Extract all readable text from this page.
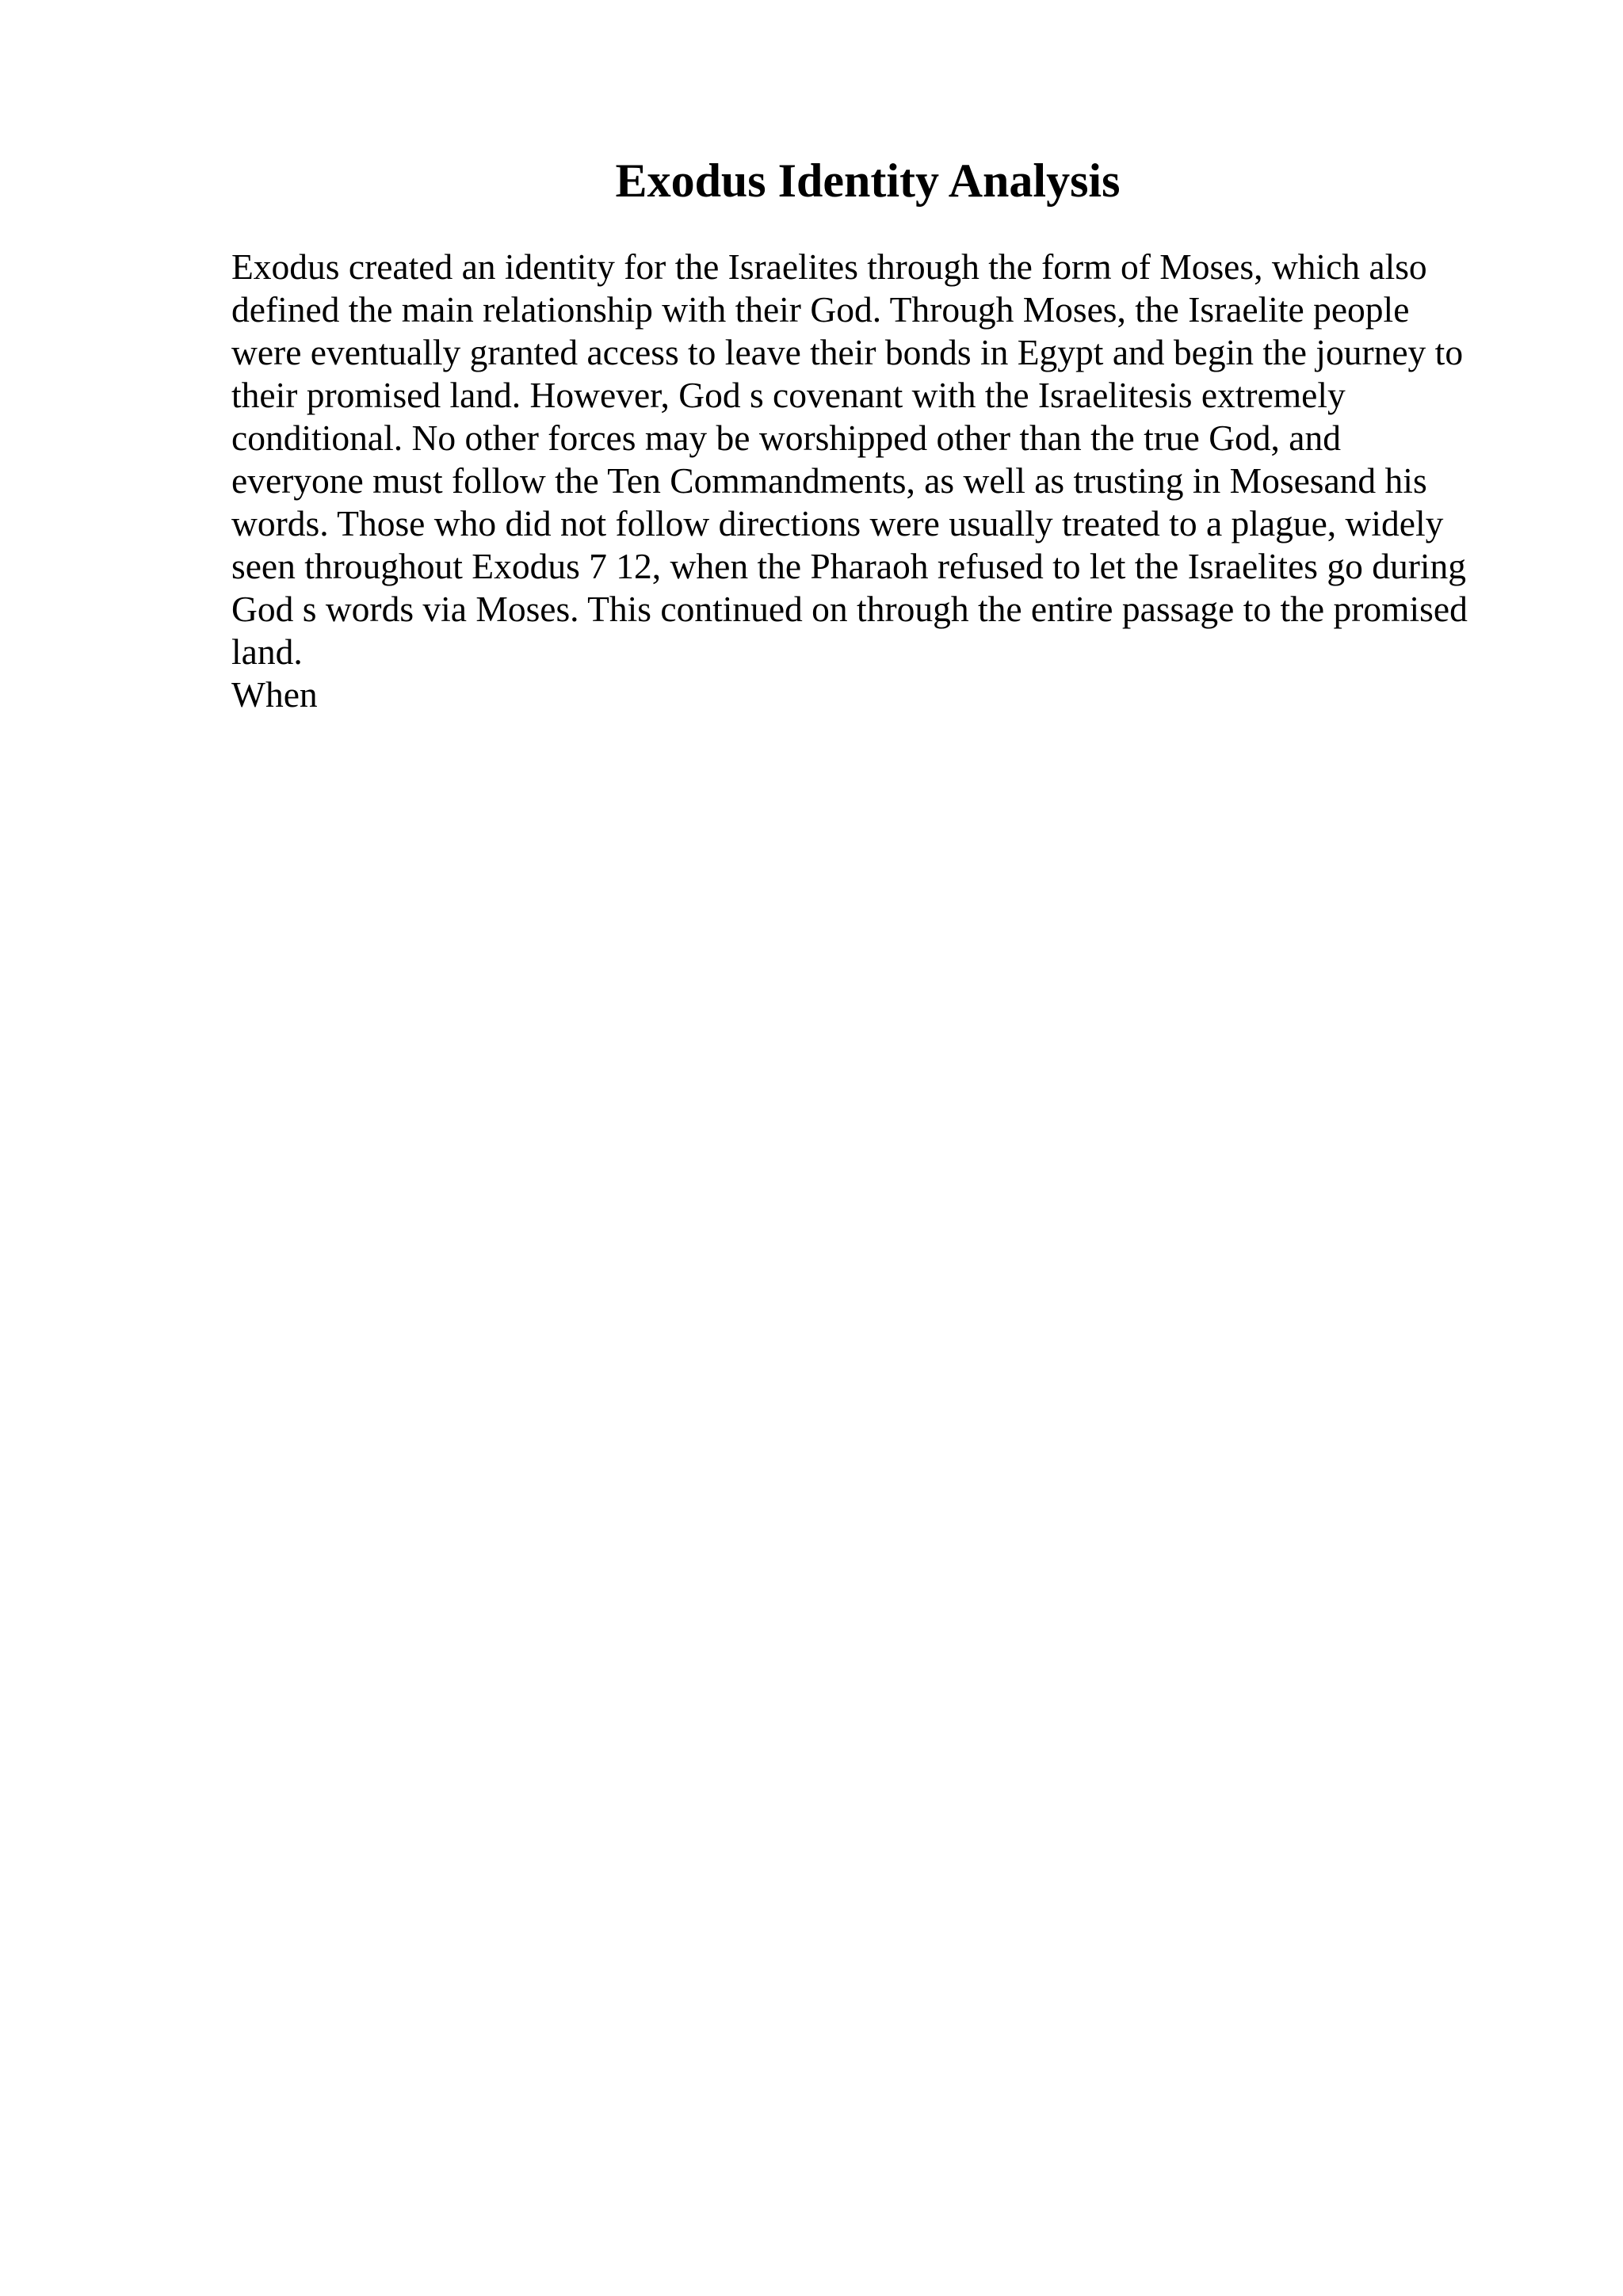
Exodus Identity Analysis
Exodus created an identity for the Israelites through the form of Moses, which also
defined the main relationship with their God. Through Moses, the Israelite people
were eventually granted access to leave their bonds in Egypt and begin the journey to
their promised land. However, God s covenant with the Israelitesis extremely
conditional. No other forces may be worshipped other than the true God, and
everyone must follow the Ten Commandments, as well as trusting in Mosesand his
words. Those who did not follow directions were usually treated to a plague, widely
seen throughout Exodus 7 12, when the Pharaoh refused to let the Israelites go during
God s words via Moses. This continued on through the entire passage to the promised
land.
When
